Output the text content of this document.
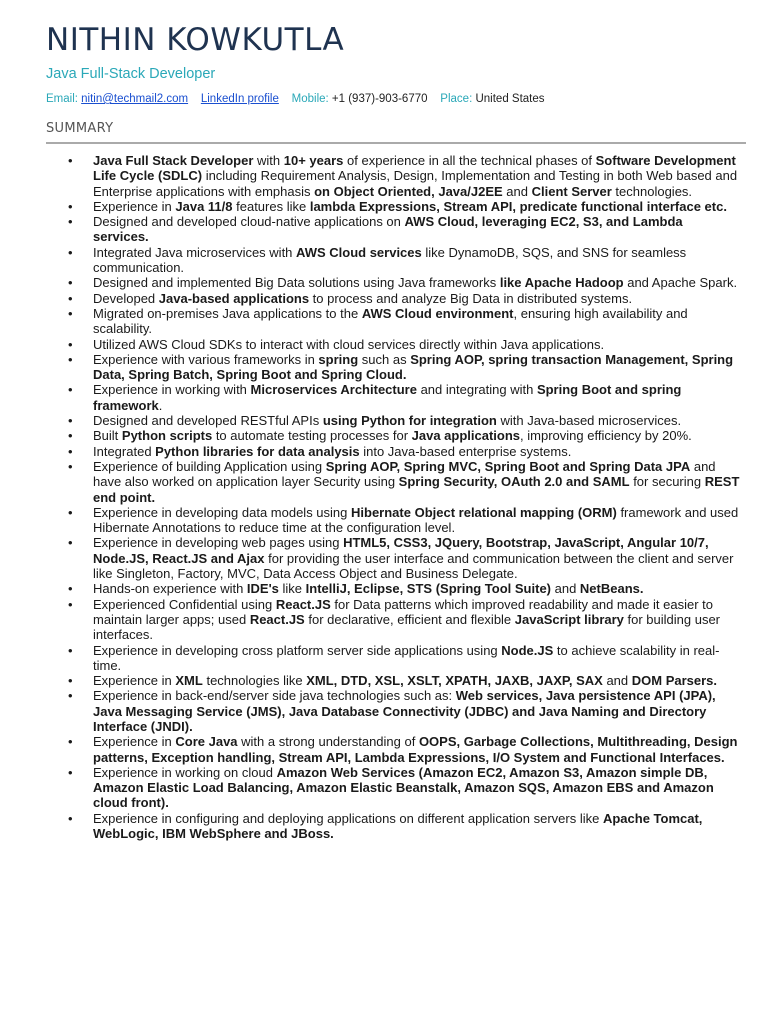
NITHIN KOWKUTLA
Java Full-Stack Developer
Email: nitin@techmail2.com LinkedIn profile Mobile: +1 (937)-903-6770 Place: United States
SUMMARY
• Java Full Stack Developer with 10+ years of experience in all the technical phases of Software Development Life Cycle (SDLC) including Requirement Analysis, Design, Implementation and Testing in both Web based and Enterprise applications with emphasis on Object Oriented, Java/J2EE and Client Server technologies.
• Experience in Java 11/8 features like lambda Expressions, Stream API, predicate functional interface etc.
• Designed and developed cloud-native applications on AWS Cloud, leveraging EC2, S3, and Lambda services.
• Integrated Java microservices with AWS Cloud services like DynamoDB, SQS, and SNS for seamless communication.
• Designed and implemented Big Data solutions using Java frameworks like Apache Hadoop and Apache Spark.
• Developed Java-based applications to process and analyze Big Data in distributed systems.
• Migrated on-premises Java applications to the AWS Cloud environment, ensuring high availability and scalability.
• Utilized AWS Cloud SDKs to interact with cloud services directly within Java applications.
• Experience with various frameworks in spring such as Spring AOP, spring transaction Management, Spring Data, Spring Batch, Spring Boot and Spring Cloud.
• Experience in working with Microservices Architecture and integrating with Spring Boot and spring framework.
• Designed and developed RESTful APIs using Python for integration with Java-based microservices.
• Built Python scripts to automate testing processes for Java applications, improving efficiency by 20%.
• Integrated Python libraries for data analysis into Java-based enterprise systems.
• Experience of building Application using Spring AOP, Spring MVC, Spring Boot and Spring Data JPA and have also worked on application layer Security using Spring Security, OAuth 2.0 and SAML for securing REST end point.
• Experience in developing data models using Hibernate Object relational mapping (ORM) framework and used Hibernate Annotations to reduce time at the configuration level.
• Experience in developing web pages using HTML5, CSS3, JQuery, Bootstrap, JavaScript, Angular 10/7, Node.JS, React.JS and Ajax for providing the user interface and communication between the client and server like Singleton, Factory, MVC, Data Access Object and Business Delegate.
• Hands-on experience with IDE's like IntelliJ, Eclipse, STS (Spring Tool Suite) and NetBeans.
• Experienced Confidential using React.JS for Data patterns which improved readability and made it easier to maintain larger apps; used React.JS for declarative, efficient and flexible JavaScript library for building user interfaces.
• Experience in developing cross platform server side applications using Node.JS to achieve scalability in real-time.
• Experience in XML technologies like XML, DTD, XSL, XSLT, XPATH, JAXB, JAXP, SAX and DOM Parsers.
• Experience in back-end/server side java technologies such as: Web services, Java persistence API (JPA), Java Messaging Service (JMS), Java Database Connectivity (JDBC) and Java Naming and Directory Interface (JNDI).
• Experience in Core Java with a strong understanding of OOPS, Garbage Collections, Multithreading, Design patterns, Exception handling, Stream API, Lambda Expressions, I/O System and Functional Interfaces.
• Experience in working on cloud Amazon Web Services (Amazon EC2, Amazon S3, Amazon simple DB, Amazon Elastic Load Balancing, Amazon Elastic Beanstalk, Amazon SQS, Amazon EBS and Amazon cloud front).
• Experience in configuring and deploying applications on different application servers like Apache Tomcat, WebLogic, IBM WebSphere and JBoss.
